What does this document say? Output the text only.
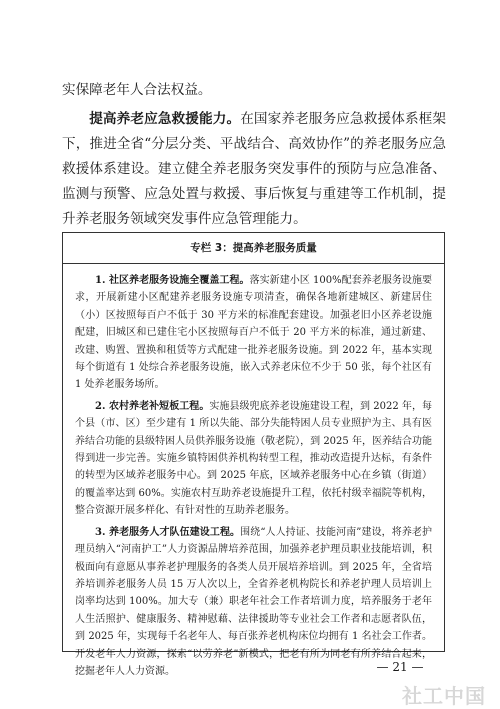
实保障老年人合法权益。

提高养老应急救援能力。在国家养老服务应急救援体系框架下，推进全省“分层分类、平战结合、高效协作”的养老服务应急救援体系建设。建立健全养老服务突发事件的预防与应急准备、监测与预警、应急处置与救援、事后恢复与重建等工作机制，提升养老服务领域突发事件应急管理能力。

专栏 3：提高养老服务质量

1. 社区养老服务设施全覆盖工程。落实新建小区 100%配套养老服务设施要求，开展新建小区配建养老服务设施专项清查，确保各地新建城区、新建居住（小）区按照每百户不低于 30 平方米的标准配套建设。加强老旧小区养老设施配建，旧城区和已建住宅小区按照每百户不低于 20 平方米的标准，通过新建、改建、购置、置换和租赁等方式配建一批养老服务设施。到 2022 年，基本实现每个街道有 1 处综合养老服务设施，嵌入式养老床位不少于 50 张，每个社区有 1 处养老服务场所。

2. 农村养老补短板工程。实施县级兜底养老设施建设工程，到 2022 年，每个县（市、区）至少建有 1 所以失能、部分失能特困人员专业照护为主、具有医养结合功能的县级特困人员供养服务设施（敬老院），到 2025 年，医养结合功能得到进一步完善。实施乡镇特困供养机构转型工程，推动改造提升达标，有条件的转型为区域养老服务中心。到 2025 年底，区域养老服务中心在乡镇（街道）的覆盖率达到 60%。实施农村互助养老设施提升工程，依托村级幸福院等机构，整合资源开展多样化、有针对性的互助养老服务。

3. 养老服务人才队伍建设工程。围绕“人人持证、技能河南”建设，将养老护理员纳入“河南护工”人力资源品牌培养范围，加强养老护理员职业技能培训，积极面向有意愿从事养老护理服务的各类人员开展培养培训。到 2025 年，全省培养培训养老服务人员 15 万人次以上，全省养老机构院长和养老护理人员培训上岗率均达到 100%。加大专（兼）职老年社会工作者培训力度，培养服务于老年人生活照护、健康服务、精神慰藉、法律援助等专业社会工作者和志愿者队伍，到 2025 年，实现每千名老年人、每百张养老机构床位均拥有 1 名社会工作者。开发老年人力资源，探索“以劳养老”新模式，把老有所为同老有所养结合起来，挖掘老年人人力资源。	— 21 —
社工中国
